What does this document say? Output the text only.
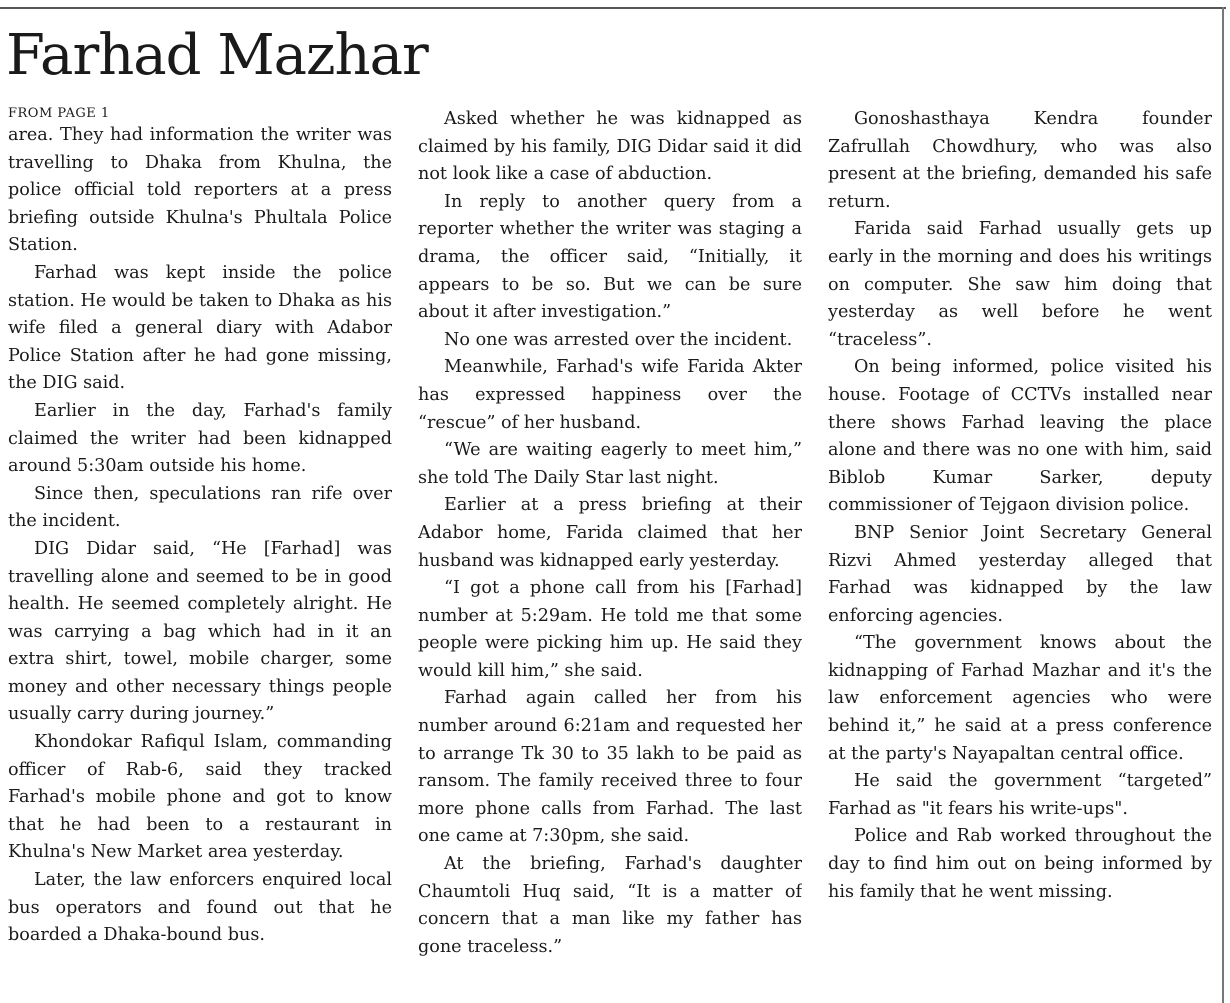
Farhad Mazhar
FROM PAGE 1

area. They had information the writer was travelling to Dhaka from Khulna, the police official told reporters at a press briefing outside Khulna's Phultala Police Station.

Farhad was kept inside the police station. He would be taken to Dhaka as his wife filed a general diary with Adabor Police Station after he had gone missing, the DIG said.

Earlier in the day, Farhad's family claimed the writer had been kidnapped around 5:30am outside his home.

Since then, speculations ran rife over the incident.

DIG Didar said, “He [Farhad] was travelling alone and seemed to be in good health. He seemed completely alright. He was carrying a bag which had in it an extra shirt, towel, mobile charger, some money and other necessary things people usually carry during journey.”

Khondokar Rafiqul Islam, commanding officer of Rab-6, said they tracked Farhad's mobile phone and got to know that he had been to a restaurant in Khulna's New Market area yesterday.

Later, the law enforcers enquired local bus operators and found out that he boarded a Dhaka-bound bus.

Asked whether he was kidnapped as claimed by his family, DIG Didar said it did not look like a case of abduction.

In reply to another query from a reporter whether the writer was staging a drama, the officer said, “Initially, it appears to be so. But we can be sure about it after investigation.”

No one was arrested over the incident.

Meanwhile, Farhad's wife Farida Akter has expressed happiness over the “rescue” of her husband.

“We are waiting eagerly to meet him,” she told The Daily Star last night.

Earlier at a press briefing at their Adabor home, Farida claimed that her husband was kidnapped early yesterday.

“I got a phone call from his [Farhad] number at 5:29am. He told me that some people were picking him up. He said they would kill him,” she said.

Farhad again called her from his number around 6:21am and requested her to arrange Tk 30 to 35 lakh to be paid as ransom. The family received three to four more phone calls from Farhad. The last one came at 7:30pm, she said.

At the briefing, Farhad's daughter Chaumtoli Huq said, “It is a matter of concern that a man like my father has gone traceless.”

Gonoshasthaya Kendra founder Zafrullah Chowdhury, who was also present at the briefing, demanded his safe return.

Farida said Farhad usually gets up early in the morning and does his writings on computer. She saw him doing that yesterday as well before he went “traceless”.

On being informed, police visited his house. Footage of CCTVs installed near there shows Farhad leaving the place alone and there was no one with him, said Biblob Kumar Sarker, deputy commissioner of Tejgaon division police.

BNP Senior Joint Secretary General Rizvi Ahmed yesterday alleged that Farhad was kidnapped by the law enforcing agencies.

“The government knows about the kidnapping of Farhad Mazhar and it's the law enforcement agencies who were behind it,” he said at a press conference at the party's Nayapaltan central office.

He said the government “targeted” Farhad as "it fears his write-ups".

Police and Rab worked throughout the day to find him out on being informed by his family that he went missing.
